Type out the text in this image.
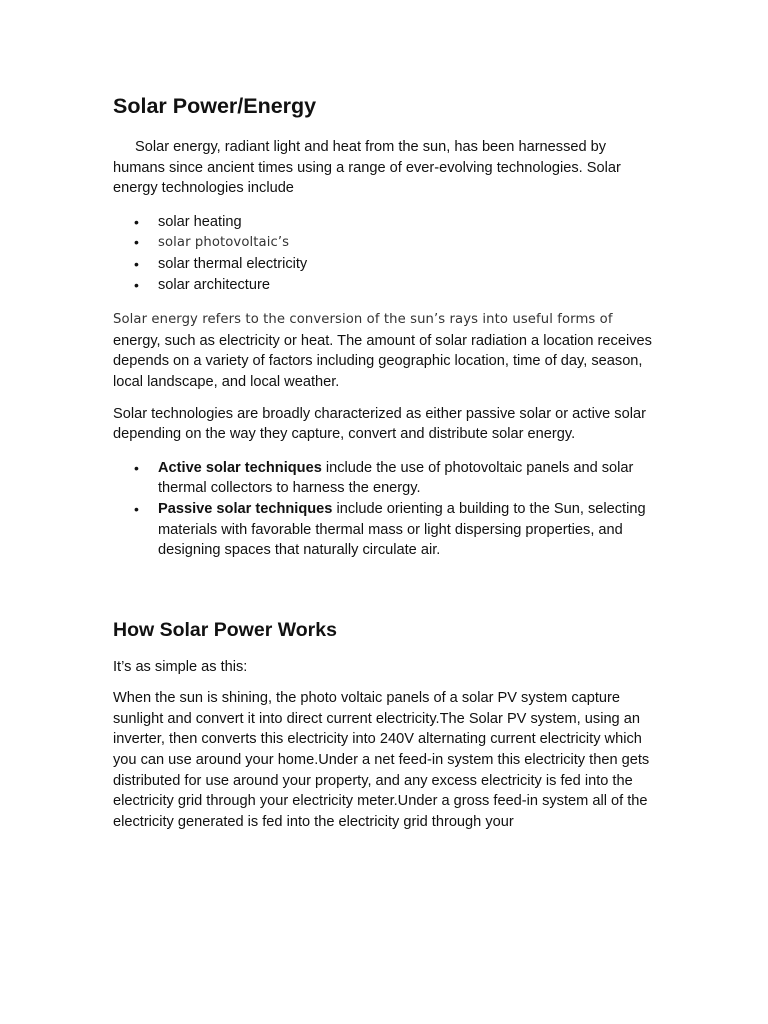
Solar Power/Energy

Solar energy, radiant light and heat from the sun, has been harnessed by humans since ancient times using a range of ever-evolving technologies. Solar energy technologies include

• solar heating
• solar photovoltaic’s
• solar thermal electricity
• solar architecture

Solar energy refers to the conversion of the sun’s rays into useful forms of energy, such as electricity or heat. The amount of solar radiation a location receives depends on a variety of factors including geographic location, time of day, season, local landscape, and local weather.

Solar technologies are broadly characterized as either passive solar or active solar depending on the way they capture, convert and distribute solar energy.

• Active solar techniques include the use of photovoltaic panels and solar thermal collectors to harness the energy.
• Passive solar techniques include orienting a building to the Sun, selecting materials with favorable thermal mass or light dispersing properties, and designing spaces that naturally circulate air.
How Solar Power Works

It’s as simple as this:

When the sun is shining, the photo voltaic panels of a solar PV system capture sunlight and convert it into direct current electricity.The Solar PV system, using an inverter, then converts this electricity into 240V alternating current electricity which you can use around your home.Under a net feed-in system this electricity then gets distributed for use around your property, and any excess electricity is fed into the electricity grid through your electricity meter.Under a gross feed-in system all of the electricity generated is fed into the electricity grid through your
